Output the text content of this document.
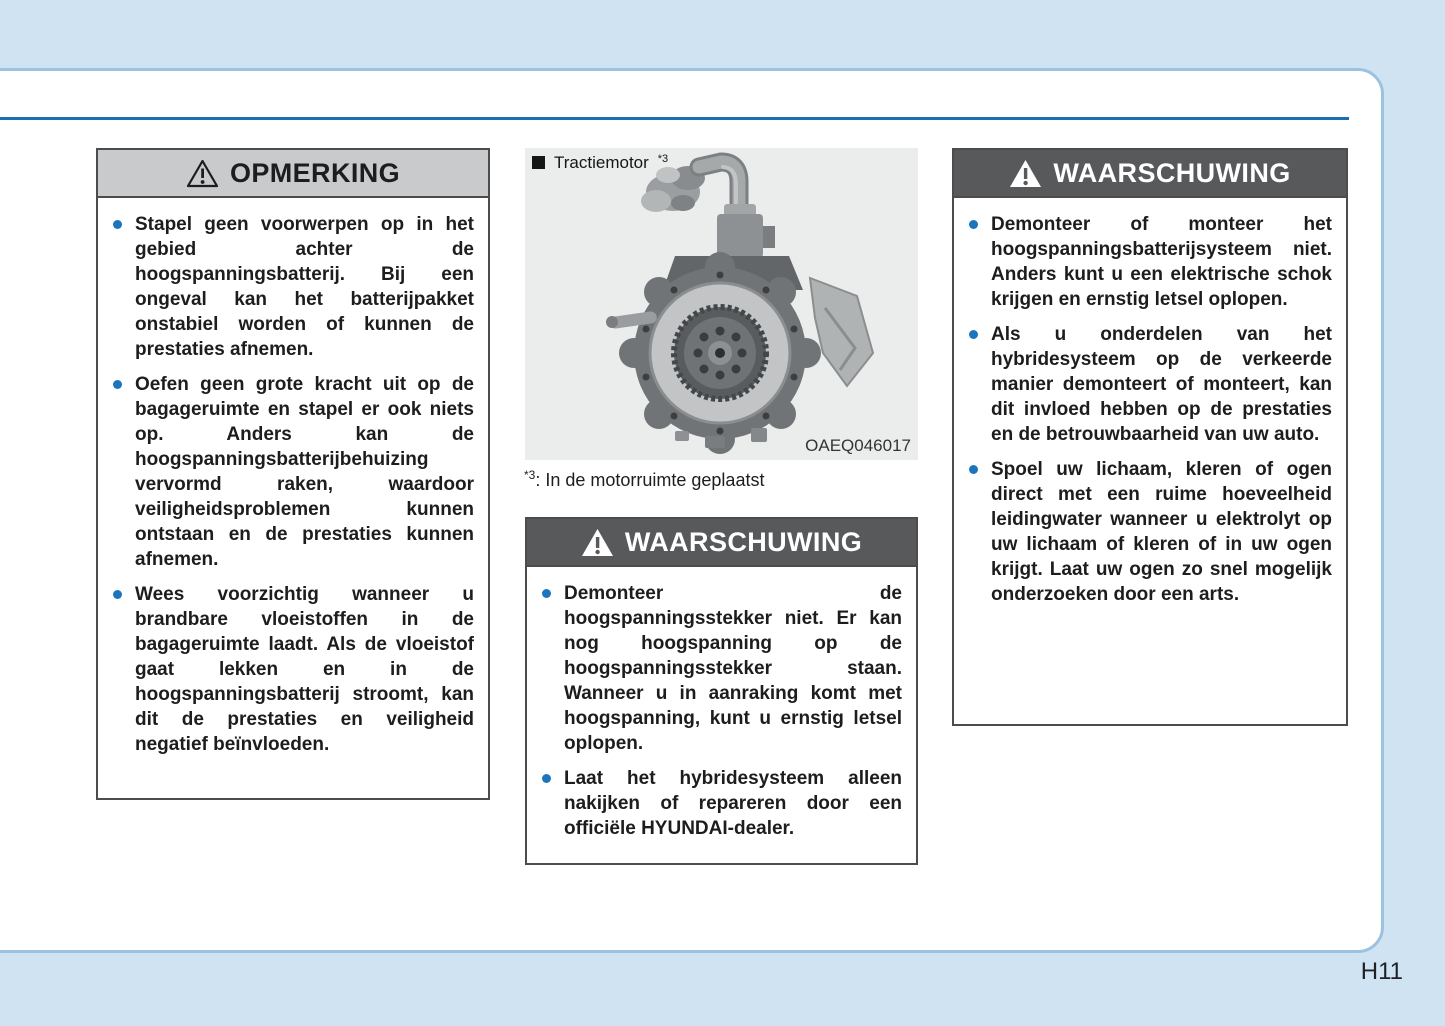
OPMERKING
Stapel geen voorwerpen op in het gebied achter de hoogspanningsbatterij. Bij een ongeval kan het batterijpakket onstabiel worden of kunnen de prestaties afnemen.
Oefen geen grote kracht uit op de bagageruimte en stapel er ook niets op. Anders kan de hoogspanningsbatterijbehuizing vervormd raken, waardoor veiligheidsproblemen kunnen ontstaan en de prestaties kunnen afnemen.
Wees voorzichtig wanneer u brandbare vloeistoffen in de bagageruimte laadt. Als de vloeistof gaat lekken en in de hoogspanningsbatterij stroomt, kan dit de prestaties en veiligheid negatief beïnvloeden.
Tractiemotor $^{*3}$
OAEQ046017
$^{*3}$: In de motorruimte geplaatst
WAARSCHUWING
Demonteer de hoogspanningsstekker niet. Er kan nog hoogspanning op de hoogspanningsstekker staan. Wanneer u in aanraking komt met hoogspanning, kunt u ernstig letsel oplopen.
Laat het hybridesysteem alleen nakijken of repareren door een officiële HYUNDAI-dealer.
WAARSCHUWING
Demonteer of monteer het hoogspanningsbatterijsysteem niet. Anders kunt u een elektrische schok krijgen en ernstig letsel oplopen.
Als u onderdelen van het hybridesysteem op de verkeerde manier demonteert of monteert, kan dit invloed hebben op de prestaties en de betrouwbaarheid van uw auto.
Spoel uw lichaam, kleren of ogen direct met een ruime hoeveelheid leidingwater wanneer u elektrolyt op uw lichaam of kleren of in uw ogen krijgt. Laat uw ogen zo snel mogelijk onderzoeken door een arts.
H11
